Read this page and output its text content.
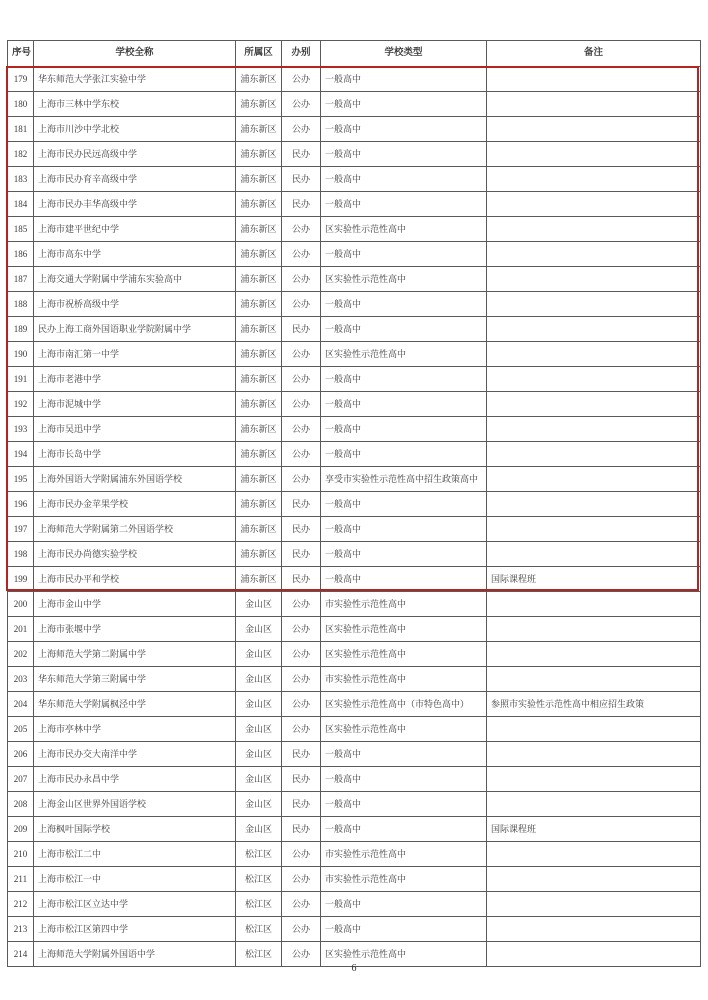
序号	学校全称	所属区	办别	学校类型	备注
179	华东师范大学张江实验中学	浦东新区	公办	一般高中	
180	上海市三林中学东校	浦东新区	公办	一般高中	
181	上海市川沙中学北校	浦东新区	公办	一般高中	
182	上海市民办民远高级中学	浦东新区	民办	一般高中	
183	上海市民办育辛高级中学	浦东新区	民办	一般高中	
184	上海市民办丰华高级中学	浦东新区	民办	一般高中	
185	上海市建平世纪中学	浦东新区	公办	区实验性示范性高中	
186	上海市高东中学	浦东新区	公办	一般高中	
187	上海交通大学附属中学浦东实验高中	浦东新区	公办	区实验性示范性高中	
188	上海市祝桥高级中学	浦东新区	公办	一般高中	
189	民办上海工商外国语职业学院附属中学	浦东新区	民办	一般高中	
190	上海市南汇第一中学	浦东新区	公办	区实验性示范性高中	
191	上海市老港中学	浦东新区	公办	一般高中	
192	上海市泥城中学	浦东新区	公办	一般高中	
193	上海市吴迅中学	浦东新区	公办	一般高中	
194	上海市长岛中学	浦东新区	公办	一般高中	
195	上海外国语大学附属浦东外国语学校	浦东新区	公办	享受市实验性示范性高中招生政策高中	
196	上海市民办金苹果学校	浦东新区	民办	一般高中	
197	上海师范大学附属第二外国语学校	浦东新区	民办	一般高中	
198	上海市民办尚德实验学校	浦东新区	民办	一般高中	
199	上海市民办平和学校	浦东新区	民办	一般高中	国际课程班
200	上海市金山中学	金山区	公办	市实验性示范性高中	
201	上海市张堰中学	金山区	公办	区实验性示范性高中	
202	上海师范大学第二附属中学	金山区	公办	区实验性示范性高中	
203	华东师范大学第三附属中学	金山区	公办	市实验性示范性高中	
204	华东师范大学附属枫泾中学	金山区	公办	区实验性示范性高中（市特色高中）	参照市实验性示范性高中相应招生政策
205	上海市亭林中学	金山区	公办	区实验性示范性高中	
206	上海市民办交大南洋中学	金山区	民办	一般高中	
207	上海市民办永昌中学	金山区	民办	一般高中	
208	上海金山区世界外国语学校	金山区	民办	一般高中	
209	上海枫叶国际学校	金山区	民办	一般高中	国际课程班
210	上海市松江二中	松江区	公办	市实验性示范性高中	
211	上海市松江一中	松江区	公办	市实验性示范性高中	
212	上海市松江区立达中学	松江区	公办	一般高中	
213	上海市松江区第四中学	松江区	公办	一般高中	
214	上海师范大学附属外国语中学	松江区	公办	区实验性示范性高中	
6
